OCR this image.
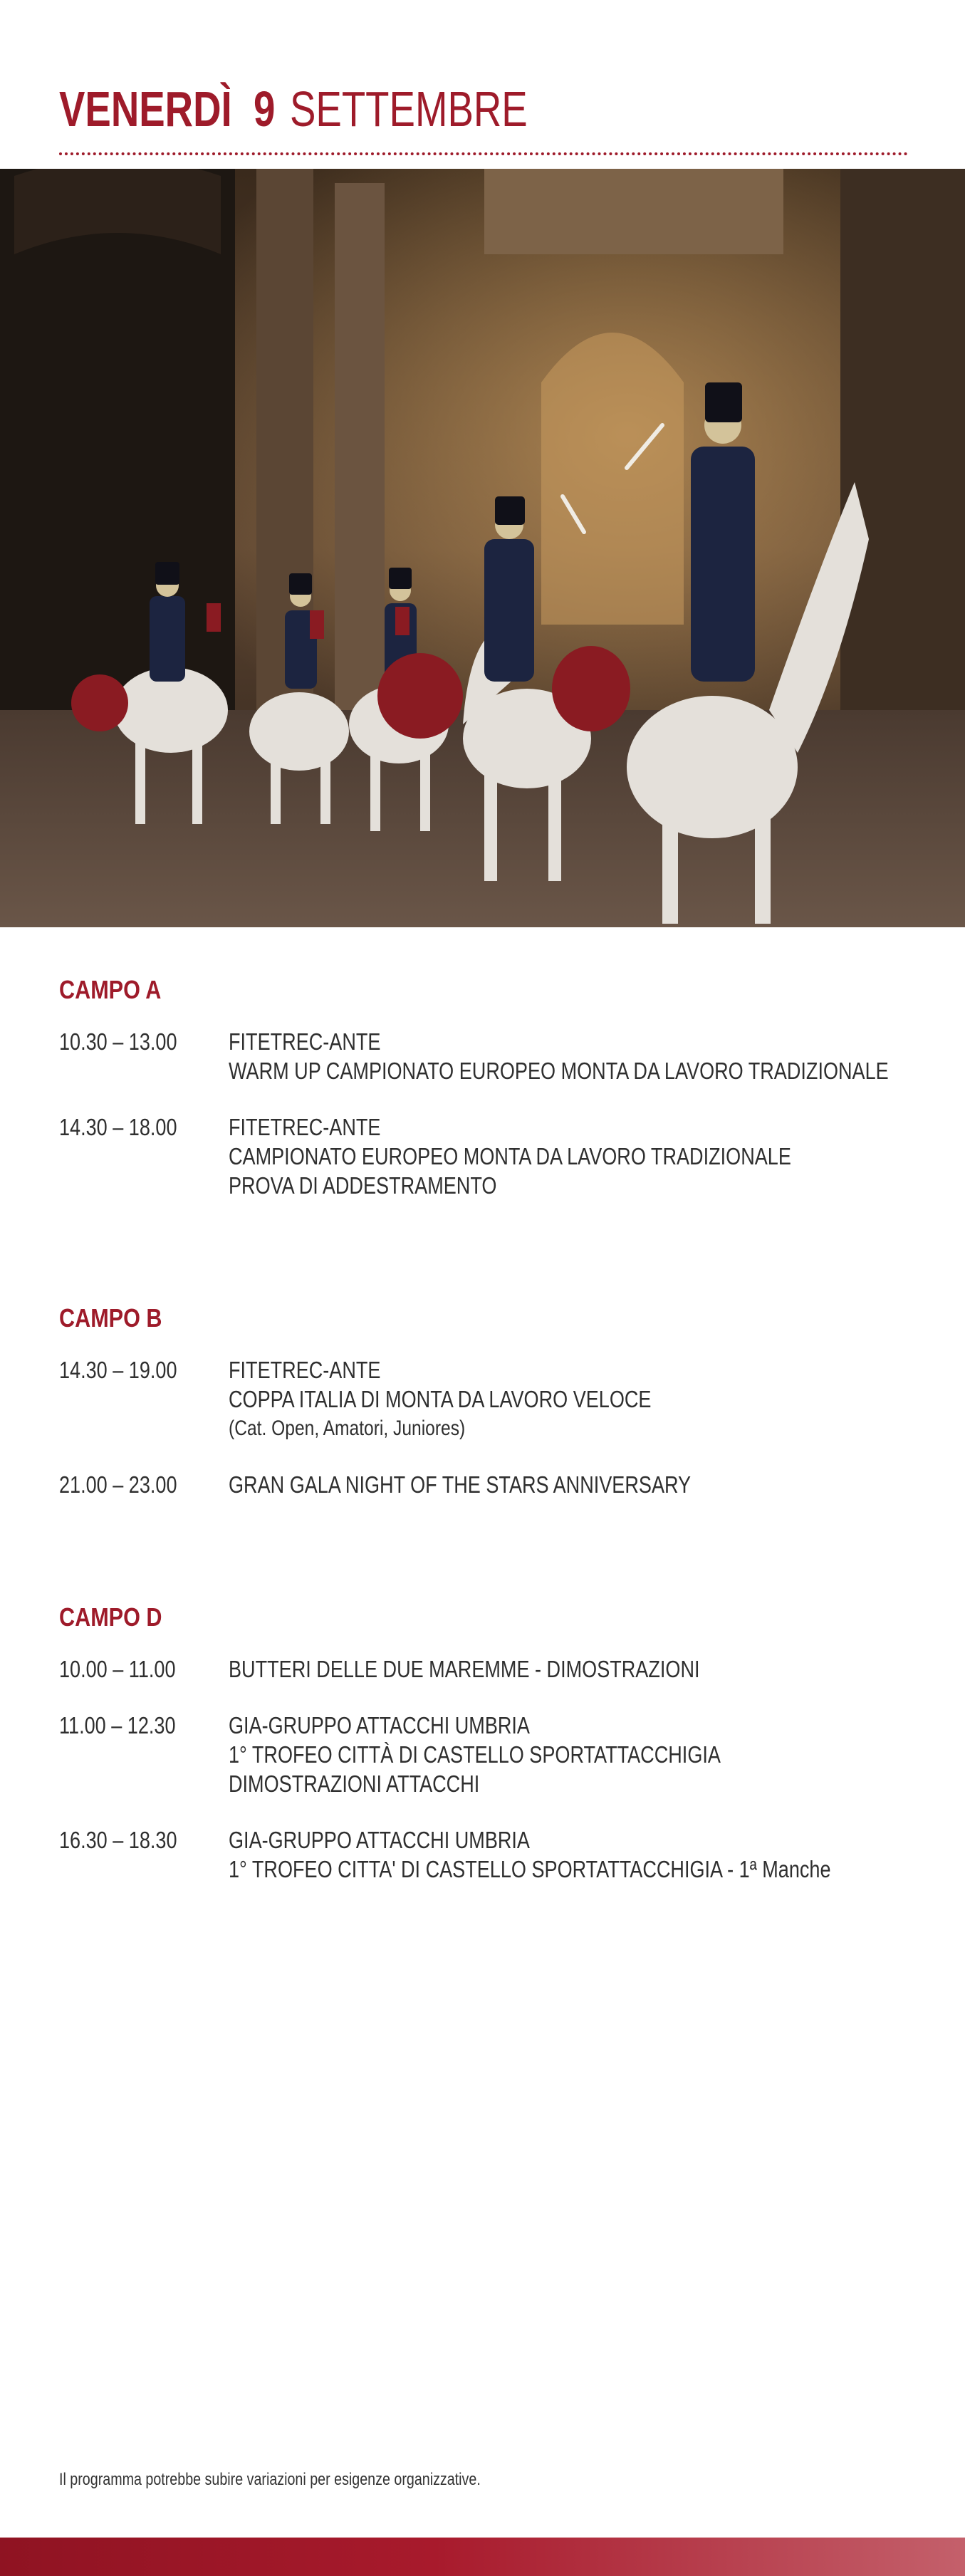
VENERDÌ 9 SETTEMBRE
CAMPO A
10.30 – 13.00	FITETREC-ANTE
WARM UP CAMPIONATO EUROPEO MONTA DA LAVORO TRADIZIONALE
14.30 – 18.00	FITETREC-ANTE
CAMPIONATO EUROPEO MONTA DA LAVORO TRADIZIONALE
PROVA DI ADDESTRAMENTO
CAMPO B
14.30 – 19.00	FITETREC-ANTE
COPPA ITALIA DI MONTA DA LAVORO VELOCE
(Cat. Open, Amatori, Juniores)
21.00 – 23.00	GRAN GALA NIGHT OF THE STARS ANNIVERSARY
CAMPO D
10.00 – 11.00	BUTTERI DELLE DUE MAREMME - DIMOSTRAZIONI
11.00 – 12.30	GIA-GRUPPO ATTACCHI UMBRIA
1° TROFEO CITTÀ DI CASTELLO SPORTATTACCHIGIA
DIMOSTRAZIONI ATTACCHI
16.30 – 18.30	GIA-GRUPPO ATTACCHI UMBRIA
1° TROFEO CITTA' DI CASTELLO SPORTATTACCHIGIA - 1ª Manche
Il programma potrebbe subire variazioni per esigenze organizzative.
